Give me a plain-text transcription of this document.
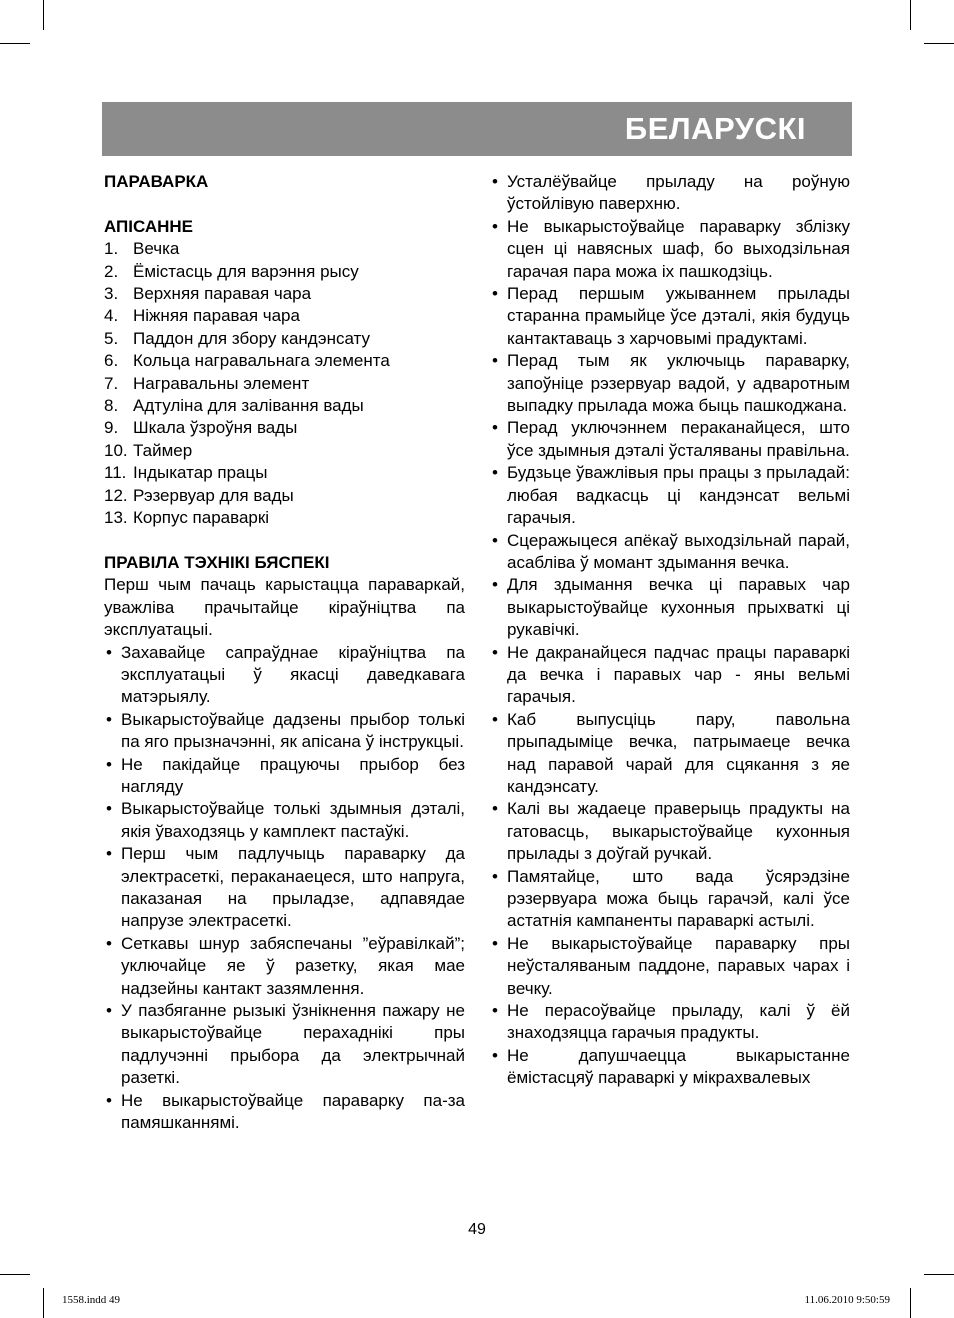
БЕЛАРУСКI

ПАРАВАРКА

АПIСАННЕ

1. Вечка
2. Ёмiстасць для варэння рысу
3. Верхняя паравая чара
4. Нiжняя паравая чара
5. Паддон для збору кандэнсату
6. Кольца награвальнага элемента
7. Награвальны элемент
8. Адтулiна для залiвання вады
9. Шкала ўзроўня вады
10. Таймер
11. Iндыкатар працы
12. Рэзервуар для вады
13. Корпус параваркi

ПРАВIЛА ТЭХНIКI БЯСПЕКI

Перш чым пачаць карыстацца параваркай, уважлiва прачытайце кiраўнiцтва па эксплуатацыi.

• Захавайце сапраўднае кiраўнiцтва па эксплуатацыi ў якасцi даведкавага матэрыялу.
• Выкарыстоўвайце дадзены прыбор толькi па яго прызначэннi, як апiсана ў iнструкцыi.
• Не пакiдайце працуючы прыбор без нагляду
• Выкарыстоўвайце толькi здымныя дэталi, якiя ўваходзяць у камплект пастаўкi.
• Перш чым падлучыць параварку да электрасеткi, пераканаецеся, што напруга, паказаная на прыладзе, адпавядае напрузе электрасеткi.
• Сеткавы шнур забяспечаны ”еўравiлкай”; уключайце яе ў разетку, якая мае надзейны кантакт зазямлення.
• У пазбяганне рызыкi ўзнiкнення пажару не выкарыстоўвайце перахаднiкi пры падлучэннi прыбора да электрычнай разеткi.
• Не выкарыстоўвайце параварку па-за памяшканнямi.
• Усталёўвайце прыладу на роўную ўстойлiвую паверхню.
• Не выкарыстоўвайце параварку зблiзку сцен цi навясных шаф, бо выходзiльная гарачая пара можа iх пашкодзiць.
• Перад першым ужываннем прылады старанна прамыйце ўсе дэталi, якiя будуць кантактаваць з харчовымi прадуктамi.
• Перад тым як уключыць параварку, запоўнiце рэзервуар вадой, у адваротным выпадку прылада можа быць пашкоджана.
• Перад уключэннем пераканайцеся, што ўсе здымныя дэталi ўсталяваны правiльна.
• Будзьце ўважлiвыя пры працы з прыладай: любая вадкасць цi кандэнсат вельмi гарачыя.
• Сцеражыцеся апёкаў выходзiльнай парай, асаблiва ў момант здымання вечка.
• Для здымання вечка цi паравых чар выкарыстоўвайце кухонныя прыхваткi цi рукавiчкi.
• Не дакранайцеся падчас працы параваркi да вечка i паравых чар - яны вельмi гарачыя.
• Каб выпусцiць пару, павольна прыпадымiце вечка, патрымаеце вечка над паравой чарай для сцякання з яе кандэнсату.
• Калi вы жадаеце праверыць прадукты на гатовасць, выкарыстоўвайце кухонныя прылады з доўгай ручкай.
• Памятайце, што вада ўсярэдзiне рэзервуара можа быць гарачэй, калi ўсе астатнiя кампаненты параваркi астылi.
• Не выкарыстоўвайце параварку пры неўсталяваным паддоне, паравых чарах i вечку.
• Не перасоўвайце прыладу, калi ў ёй знаходзяцца гарачыя прадукты.
• Не дапушчаецца выкарыстанне ёмiстасцяў параваркi у мiкрахвалевых
49
1558.indd 49	11.06.2010 9:50:59
